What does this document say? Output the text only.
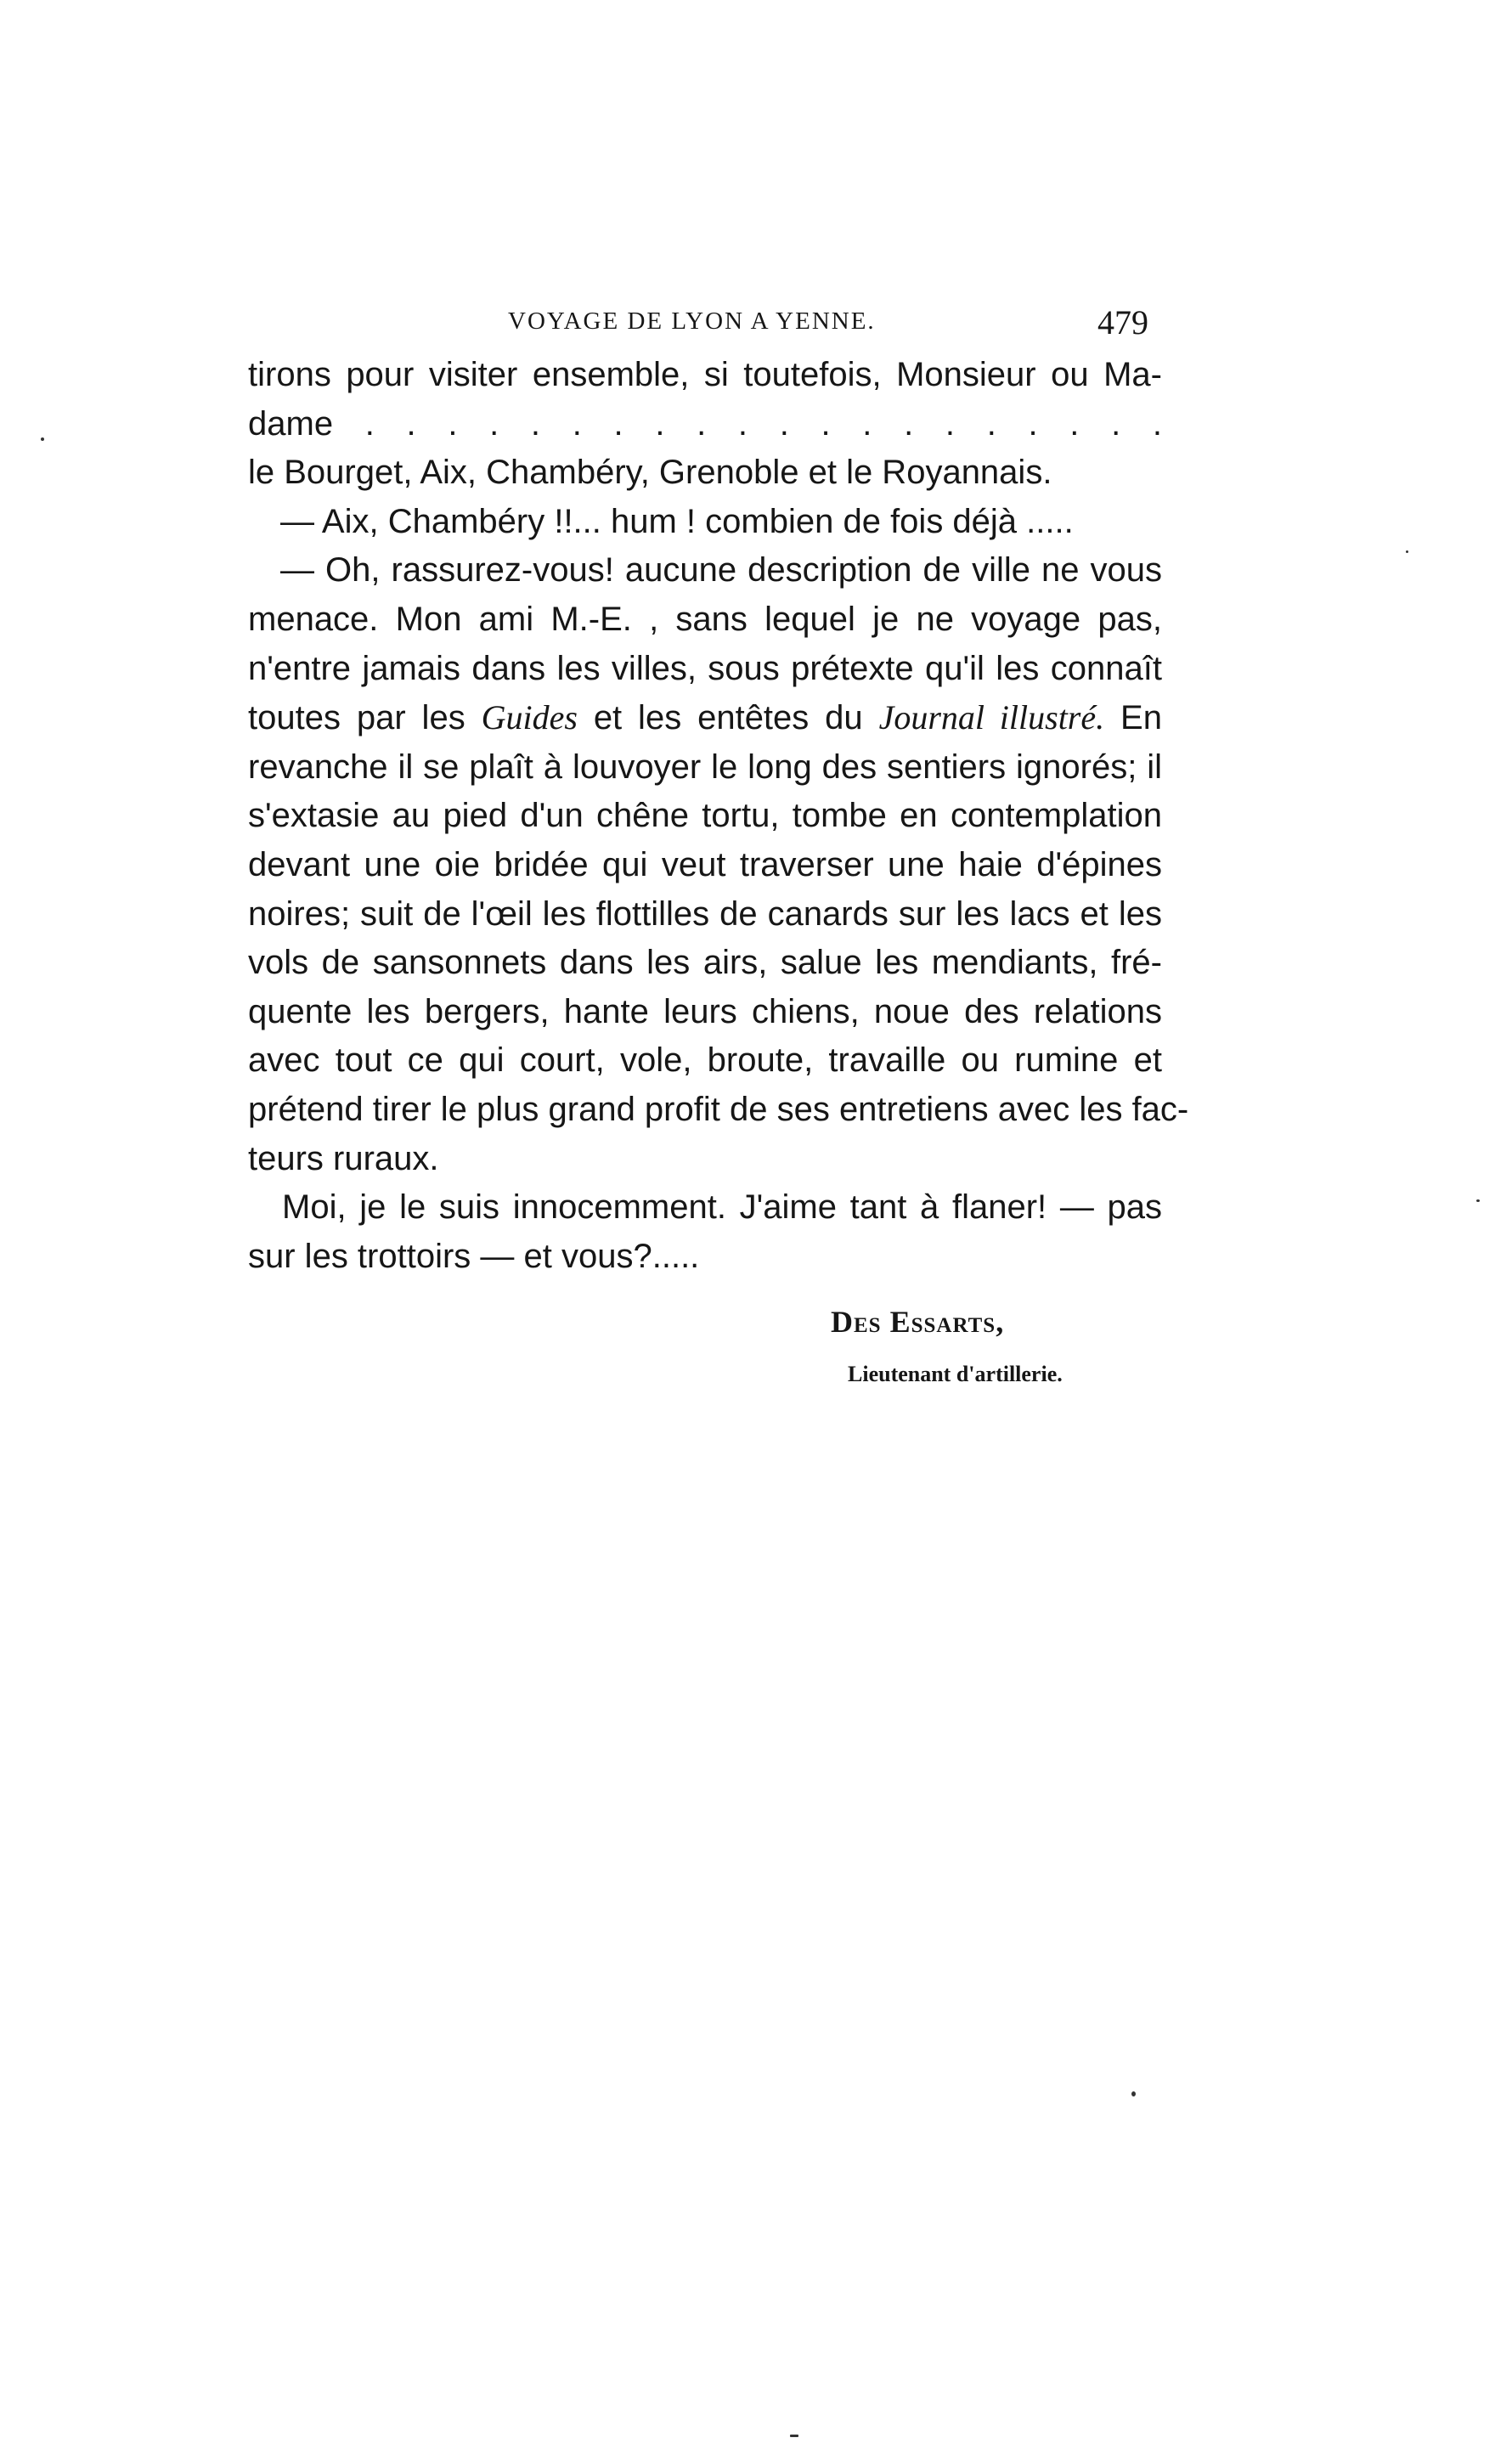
VOYAGE DE LYON A YENNE.	479
tirons pour visiter ensemble, si toutefois, Monsieur ou Ma-
dame . . . . . . . . . . . . . . . . . . . .
le Bourget, Aix, Chambéry, Grenoble et le Royannais.
— Aix, Chambéry !!... hum ! combien de fois déjà .....
— Oh, rassurez-vous! aucune description de ville ne vous
menace. Mon ami M.-E. , sans lequel je ne voyage pas,
n'entre jamais dans les villes, sous prétexte qu'il les connaît
toutes par les Guides et les entêtes du Journal illustré. En
revanche il se plaît à louvoyer le long des sentiers ignorés; il
s'extasie au pied d'un chêne tortu, tombe en contemplation
devant une oie bridée qui veut traverser une haie d'épines
noires; suit de l'œil les flottilles de canards sur les lacs et les
vols de sansonnets dans les airs, salue les mendiants, fré-
quente les bergers, hante leurs chiens, noue des relations
avec tout ce qui court, vole, broute, travaille ou rumine et
prétend tirer le plus grand profit de ses entretiens avec les fac-
teurs ruraux.
Moi, je le suis innocemment. J'aime tant à flaner! — pas
sur les trottoirs — et vous?.....
Des Essarts,
Lieutenant d'artillerie.
